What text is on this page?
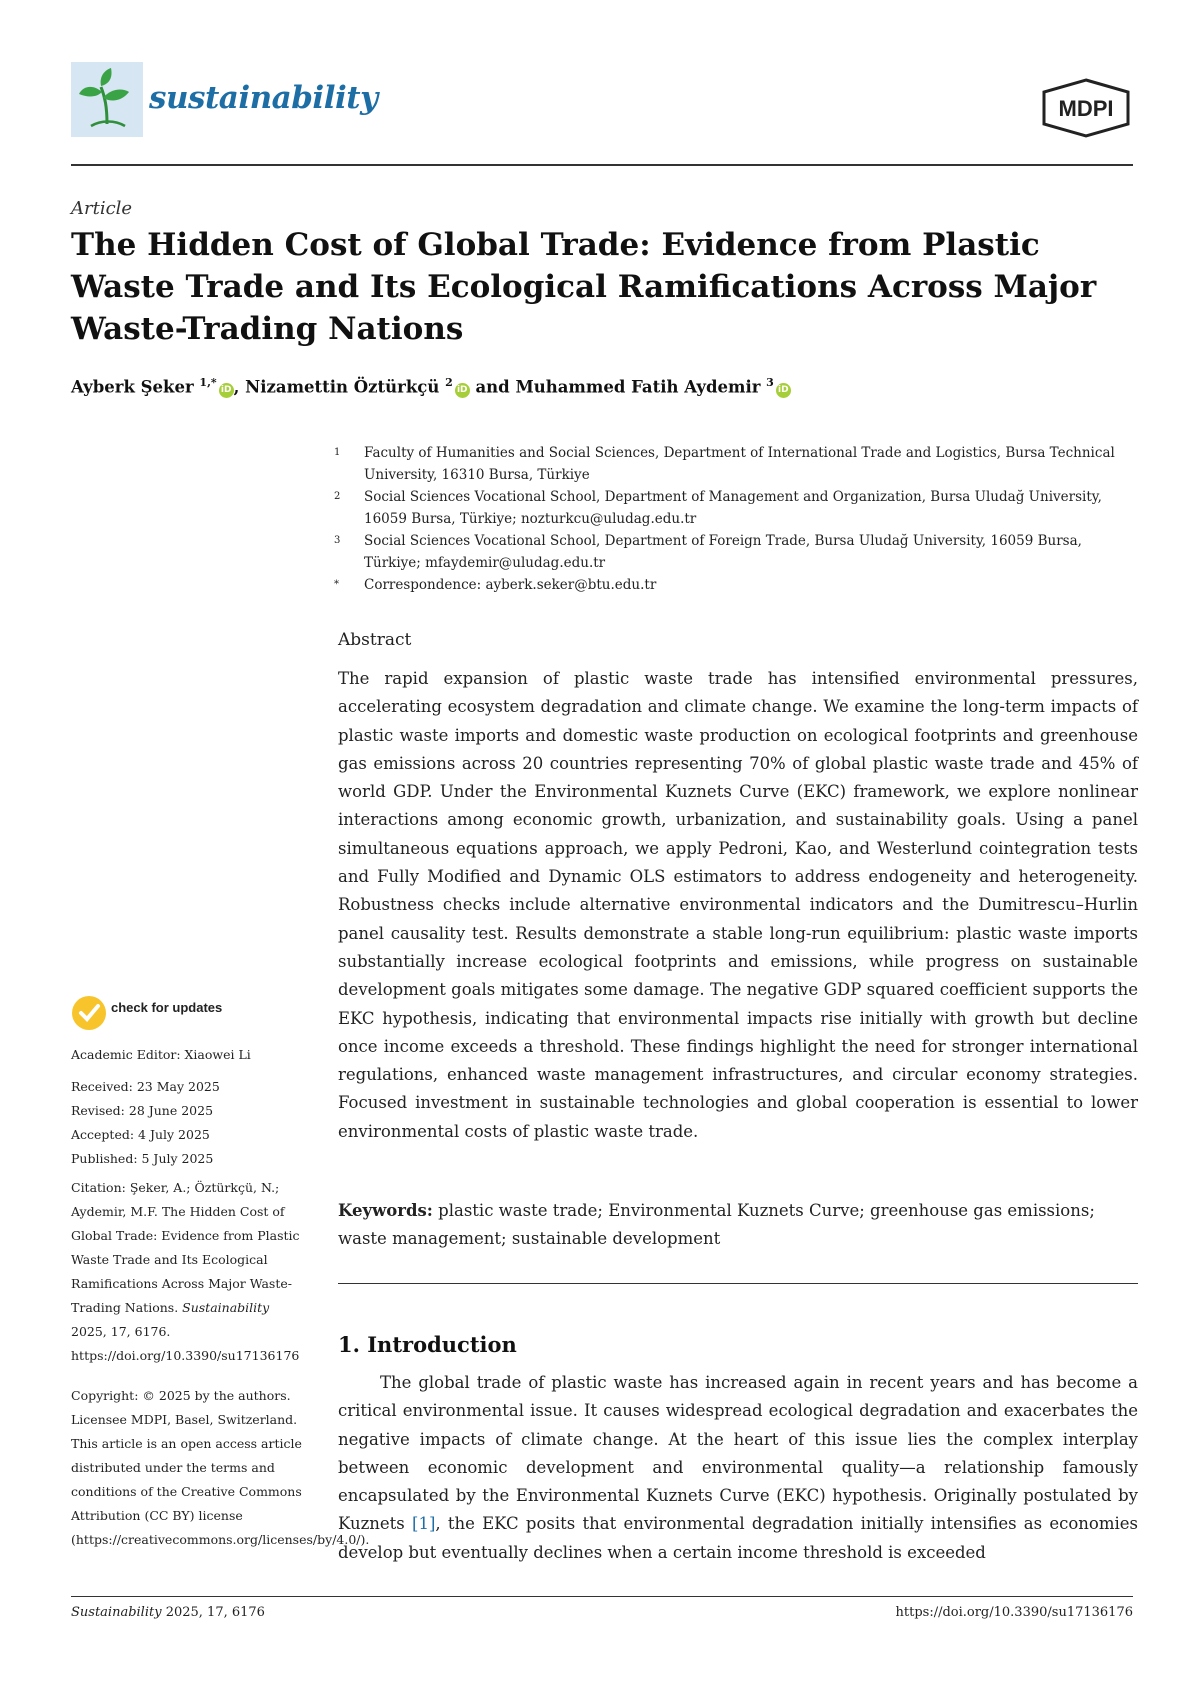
sustainability	MDPI
Article
The Hidden Cost of Global Trade: Evidence from Plastic Waste Trade and Its Ecological Ramifications Across Major Waste-Trading Nations
Ayberk Şeker $^{1,*}$iD , Nizamettin Öztürkçü $^2$iD and Muhammed Fatih Aydemir $^3$iD
1 Faculty of Humanities and Social Sciences, Department of International Trade and Logistics, Bursa Technical University, 16310 Bursa, Türkiye
2 Social Sciences Vocational School, Department of Management and Organization, Bursa Uludağ University, 16059 Bursa, Türkiye; nozturkcu@uludag.edu.tr
3 Social Sciences Vocational School, Department of Foreign Trade, Bursa Uludağ University, 16059 Bursa, Türkiye; mfaydemir@uludag.edu.tr
* Correspondence: ayberk.seker@btu.edu.tr
Abstract

The rapid expansion of plastic waste trade has intensified environmental pressures, accelerating ecosystem degradation and climate change. We examine the long-term impacts of plastic waste imports and domestic waste production on ecological footprints and greenhouse gas emissions across 20 countries representing 70% of global plastic waste trade and 45% of world GDP. Under the Environmental Kuznets Curve (EKC) framework, we explore nonlinear interactions among economic growth, urbanization, and sustainability goals. Using a panel simultaneous equations approach, we apply Pedroni, Kao, and Westerlund cointegration tests and Fully Modified and Dynamic OLS estimators to address endogeneity and heterogeneity. Robustness checks include alternative environmental indicators and the Dumitrescu–Hurlin panel causality test. Results demonstrate a stable long-run equilibrium: plastic waste imports substantially increase ecological footprints and emissions, while progress on sustainable development goals mitigates some damage. The negative GDP squared coefficient supports the EKC hypothesis, indicating that environmental impacts rise initially with growth but decline once income exceeds a threshold. These findings highlight the need for stronger international regulations, enhanced waste management infrastructures, and circular economy strategies. Focused investment in sustainable technologies and global cooperation is essential to lower environmental costs of plastic waste trade.

Keywords: plastic waste trade; Environmental Kuznets Curve; greenhouse gas emissions; waste management; sustainable development

1. Introduction

The global trade of plastic waste has increased again in recent years and has become a critical environmental issue. It causes widespread ecological degradation and exacerbates the negative impacts of climate change. At the heart of this issue lies the complex interplay between economic development and environmental quality—a relationship famously encapsulated by the Environmental Kuznets Curve (EKC) hypothesis. Originally postulated by Kuznets [1], the EKC posits that environmental degradation initially intensifies as economies develop but eventually declines when a certain income threshold is exceeded

check for updates
Academic Editor: Xiaowei Li
Received: 23 May 2025
Revised: 28 June 2025
Accepted: 4 July 2025
Published: 5 July 2025
Citation: Şeker, A.; Öztürkçü, N.; Aydemir, M.F. The Hidden Cost of Global Trade: Evidence from Plastic Waste Trade and Its Ecological Ramifications Across Major Waste-Trading Nations. Sustainability 2025, 17, 6176. https://doi.org/10.3390/su17136176
Copyright: © 2025 by the authors. Licensee MDPI, Basel, Switzerland. This article is an open access article distributed under the terms and conditions of the Creative Commons Attribution (CC BY) license (https://creativecommons.org/licenses/by/4.0/).
Sustainability 2025, 17, 6176	https://doi.org/10.3390/su17136176
